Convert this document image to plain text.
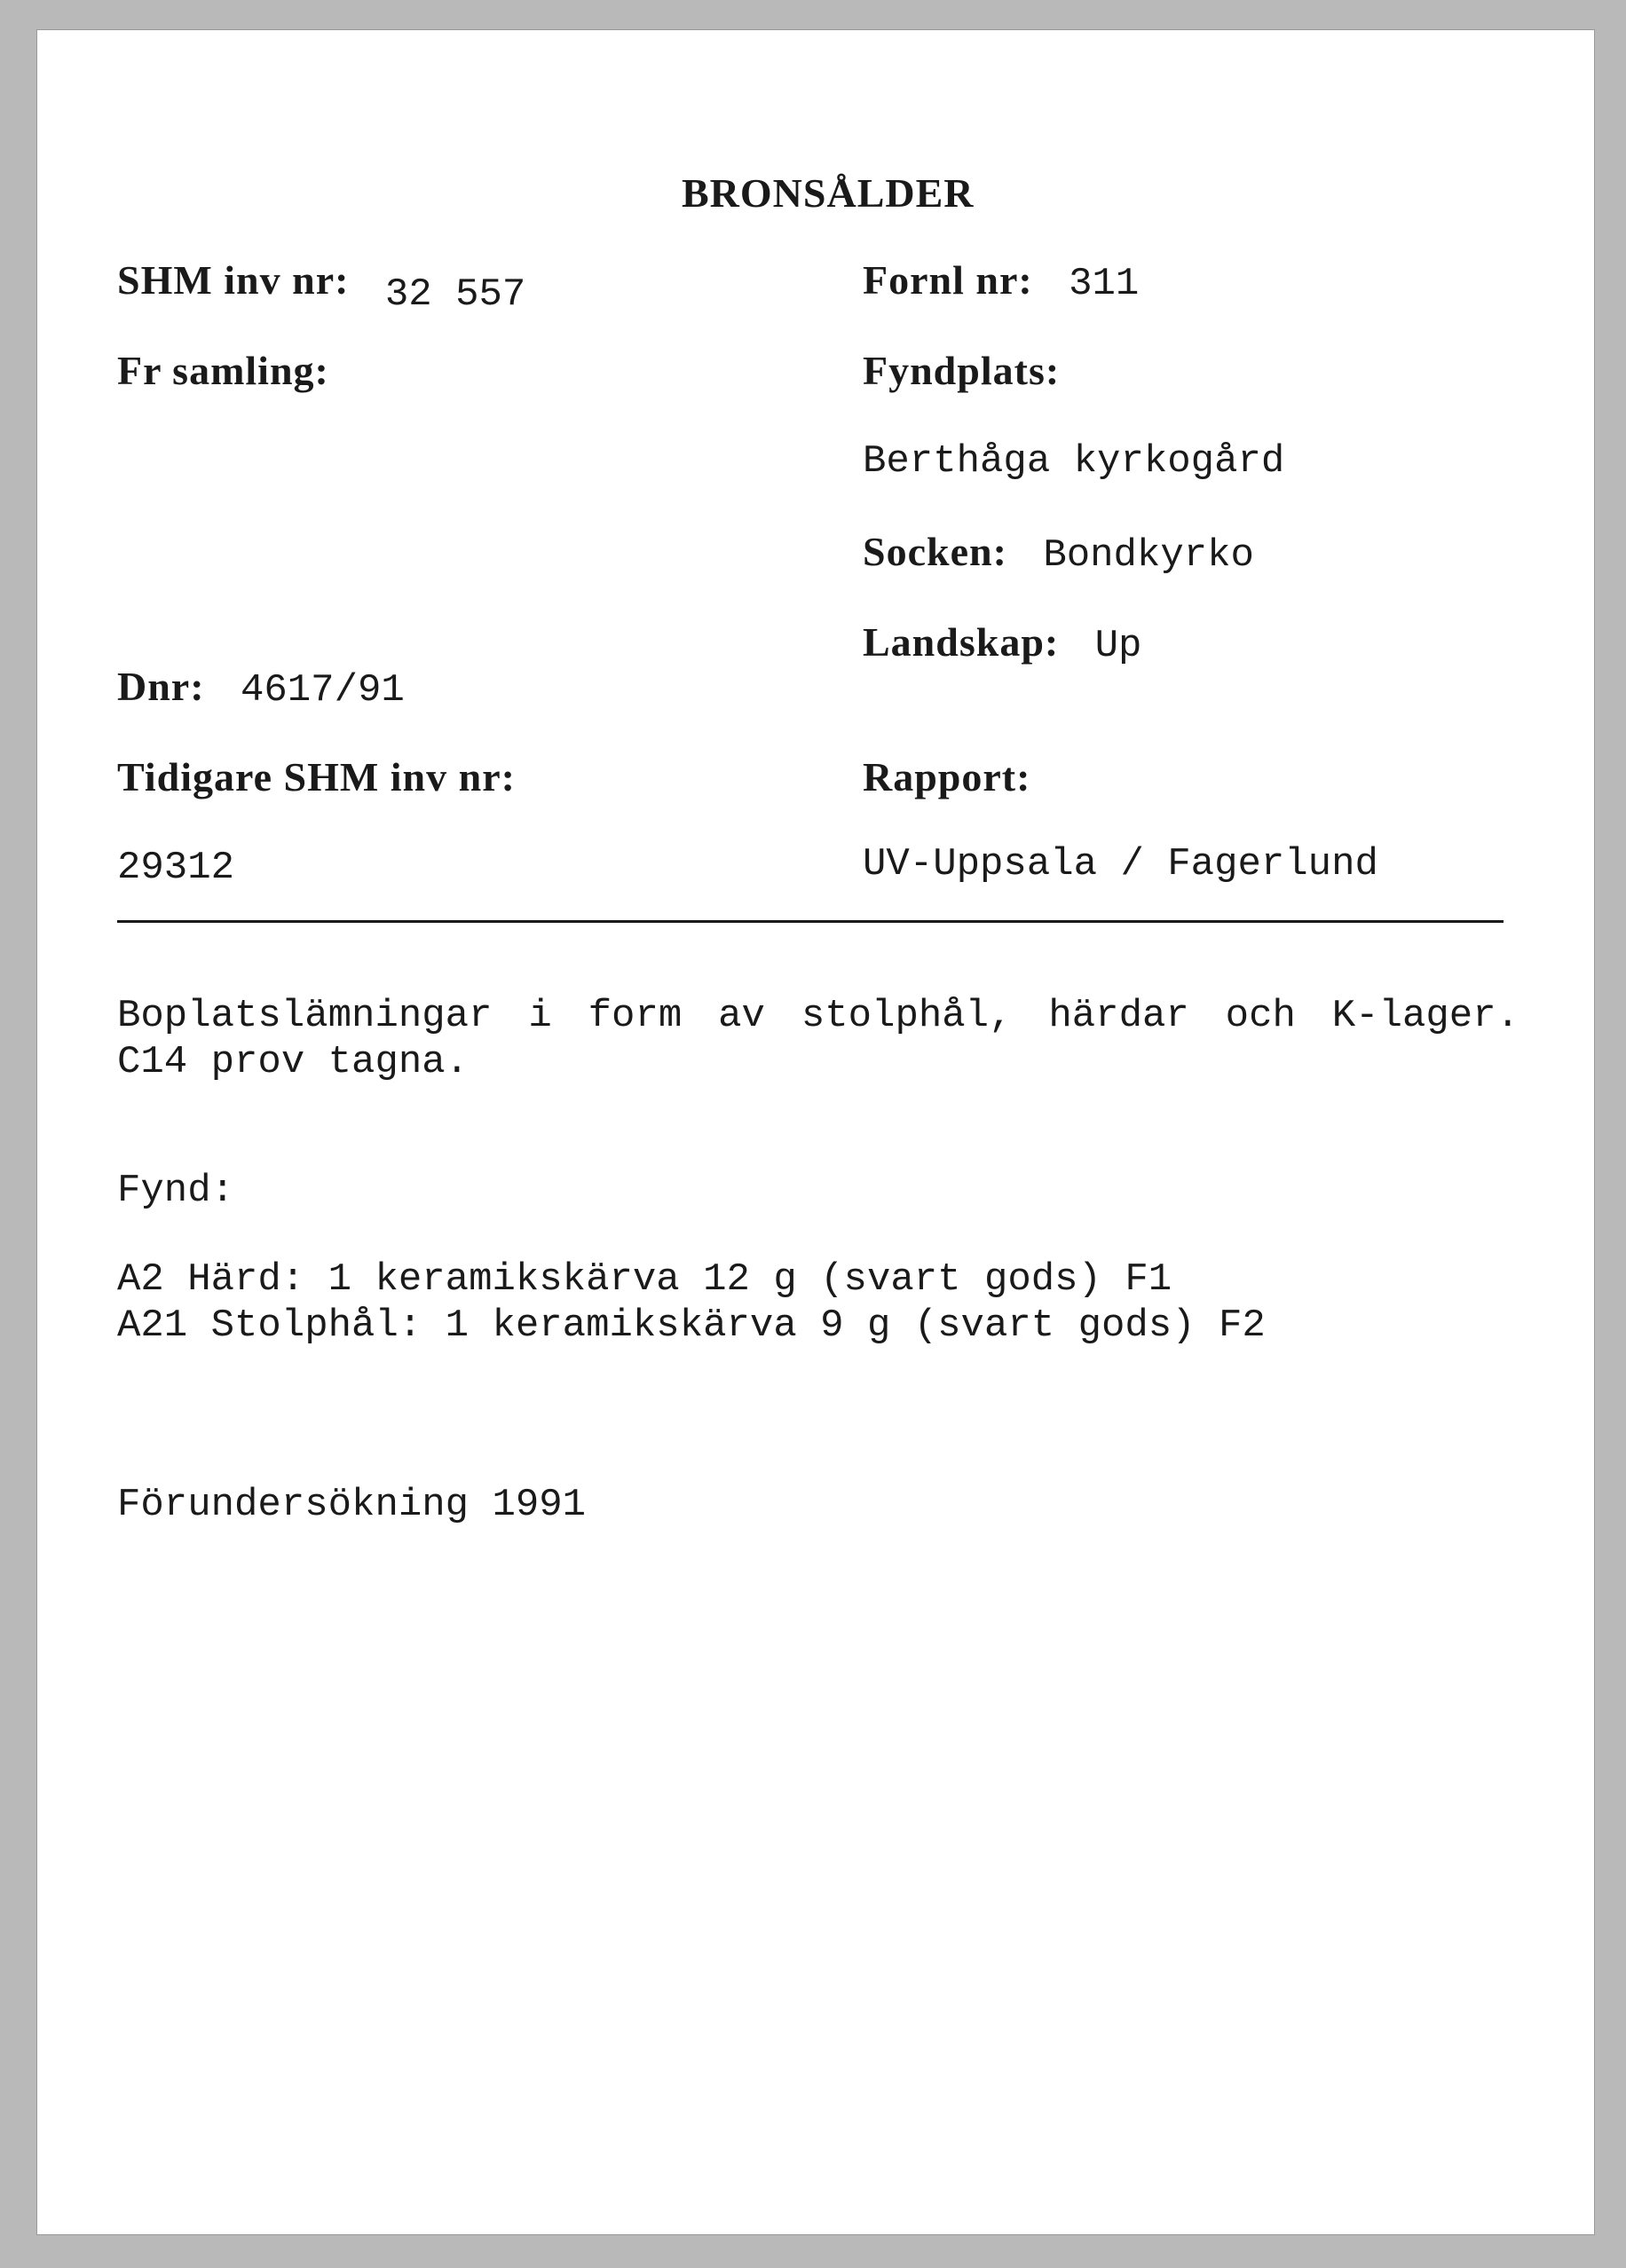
BRONSÅLDER
SHM inv nr: 32 557	Fornl nr: 311
Fr samling:	Fyndplats:
Berthåga kyrkogård
Socken: Bondkyrko
Landskap: Up
Dnr: 4617/91
Tidigare SHM inv nr:	Rapport:
29312	UV-Uppsala / Fagerlund
Boplatslämningar i form av stolphål, härdar och K-lager. C14 prov tagna.
Fynd:
A2 Härd: 1 keramikskärva 12 g (svart gods) F1
A21 Stolphål: 1 keramikskärva 9 g (svart gods) F2
Förundersökning 1991
